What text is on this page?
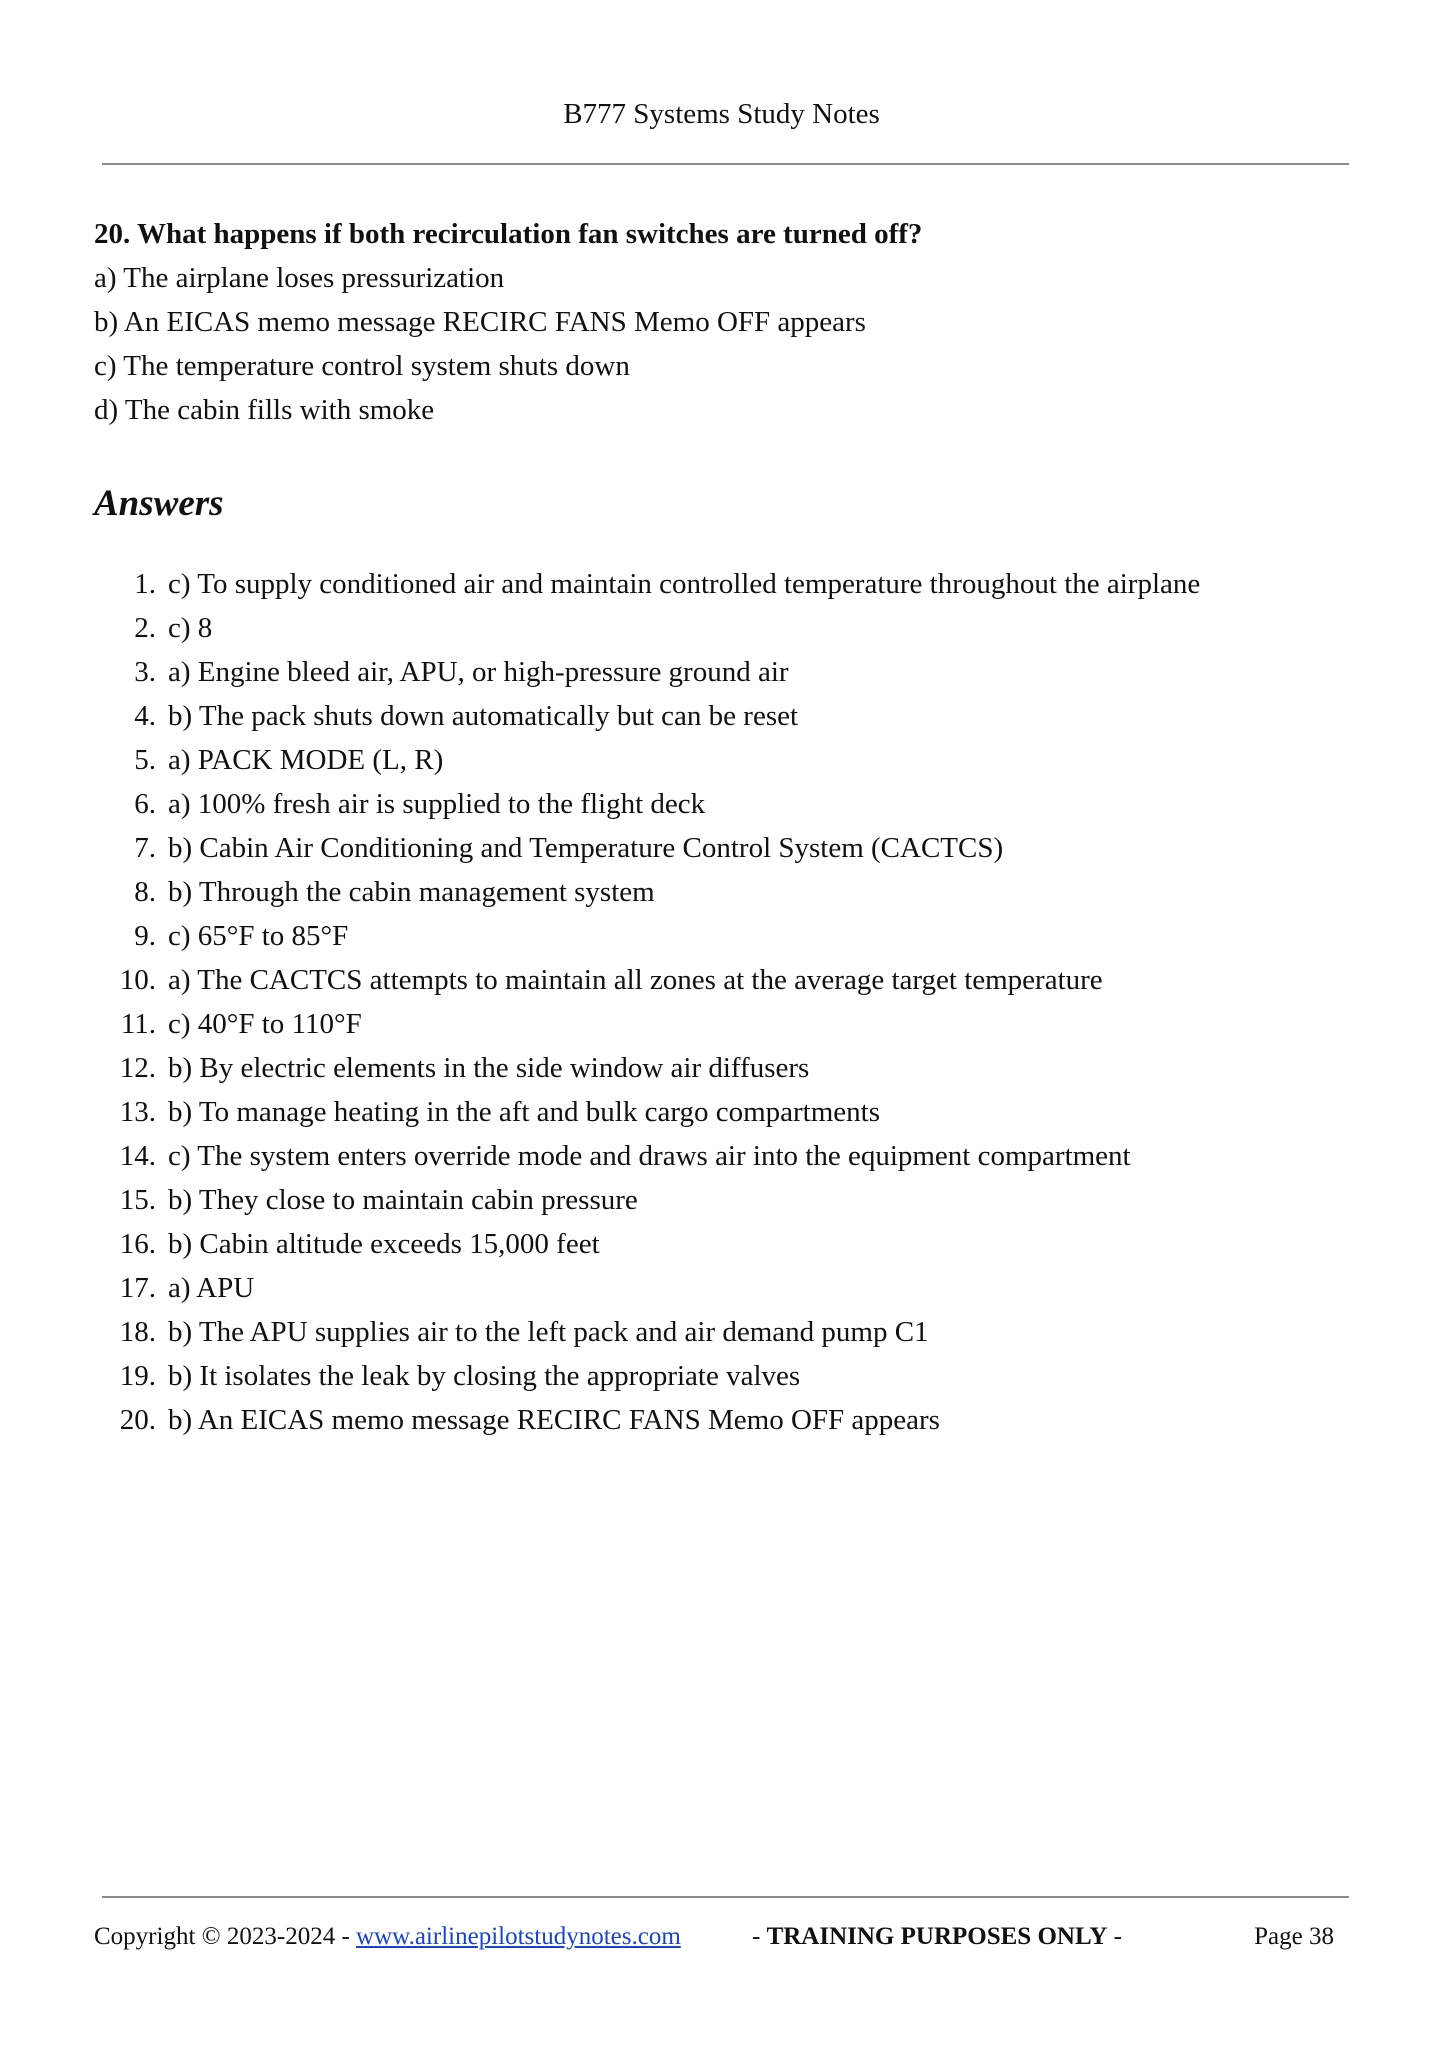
B777 Systems Study Notes

20. What happens if both recirculation fan switches are turned off?

a) The airplane loses pressurization

b) An EICAS memo message RECIRC FANS Memo OFF appears

c) The temperature control system shuts down

d) The cabin fills with smoke

Answers
1. c) To supply conditioned air and maintain controlled temperature throughout the airplane
2. c) 8
3. a) Engine bleed air, APU, or high-pressure ground air
4. b) The pack shuts down automatically but can be reset
5. a) PACK MODE (L, R)
6. a) 100% fresh air is supplied to the flight deck
7. b) Cabin Air Conditioning and Temperature Control System (CACTCS)
8. b) Through the cabin management system
9. c) 65°F to 85°F
10. a) The CACTCS attempts to maintain all zones at the average target temperature
11. c) 40°F to 110°F
12. b) By electric elements in the side window air diffusers
13. b) To manage heating in the aft and bulk cargo compartments
14. c) The system enters override mode and draws air into the equipment compartment
15. b) They close to maintain cabin pressure
16. b) Cabin altitude exceeds 15,000 feet
17. a) APU
18. b) The APU supplies air to the left pack and air demand pump C1
19. b) It isolates the leak by closing the appropriate valves
20. b) An EICAS memo message RECIRC FANS Memo OFF appears
Copyright © 2023-2024 - www.airlinepilotstudynotes.com	- TRAINING PURPOSES ONLY -	Page 38
